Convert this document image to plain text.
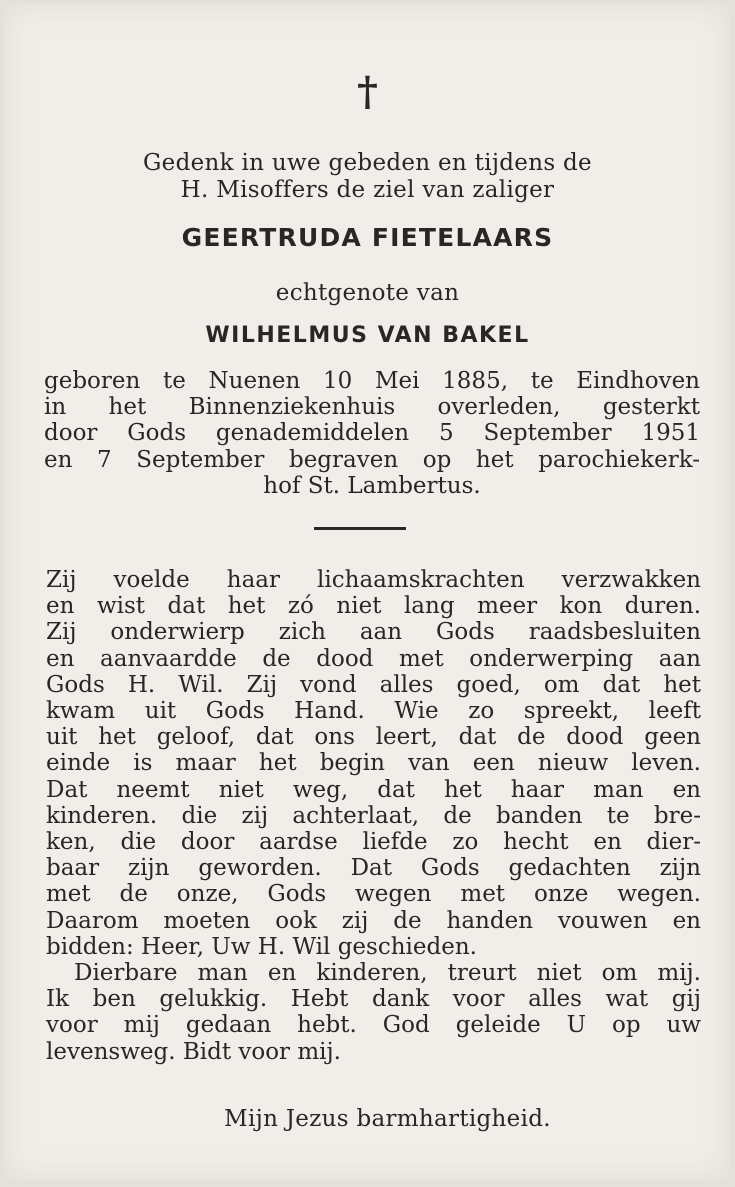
†
Gedenk in uwe gebeden en tijdens de
H. Misoffers de ziel van zaliger
GEERTRUDA FIETELAARS
echtgenote van
WILHELMUS VAN BAKEL
geboren te Nuenen 10 Mei 1885, te Eindhoven
in het Binnenziekenhuis overleden, gesterkt
door Gods genademiddelen 5 September 1951
en 7 September begraven op het parochiekerk-
hof St. Lambertus.
Zij voelde haar lichaamskrachten verzwakken
en wist dat het zó niet lang meer kon duren.
Zij onderwierp zich aan Gods raadsbesluiten
en aanvaardde de dood met onderwerping aan
Gods H. Wil. Zij vond alles goed, om dat het
kwam uit Gods Hand. Wie zo spreekt, leeft
uit het geloof, dat ons leert, dat de dood geen
einde is maar het begin van een nieuw leven.
Dat neemt niet weg, dat het haar man en
kinderen. die zij achterlaat, de banden te bre-
ken, die door aardse liefde zo hecht en dier-
baar zijn geworden. Dat Gods gedachten zijn
met de onze, Gods wegen met onze wegen.
Daarom moeten ook zij de handen vouwen en
bidden: Heer, Uw H. Wil geschieden.
Dierbare man en kinderen, treurt niet om mij.
Ik ben gelukkig. Hebt dank voor alles wat gij
voor mij gedaan hebt. God geleide U op uw
levensweg. Bidt voor mij.
Mijn Jezus barmhartigheid.
